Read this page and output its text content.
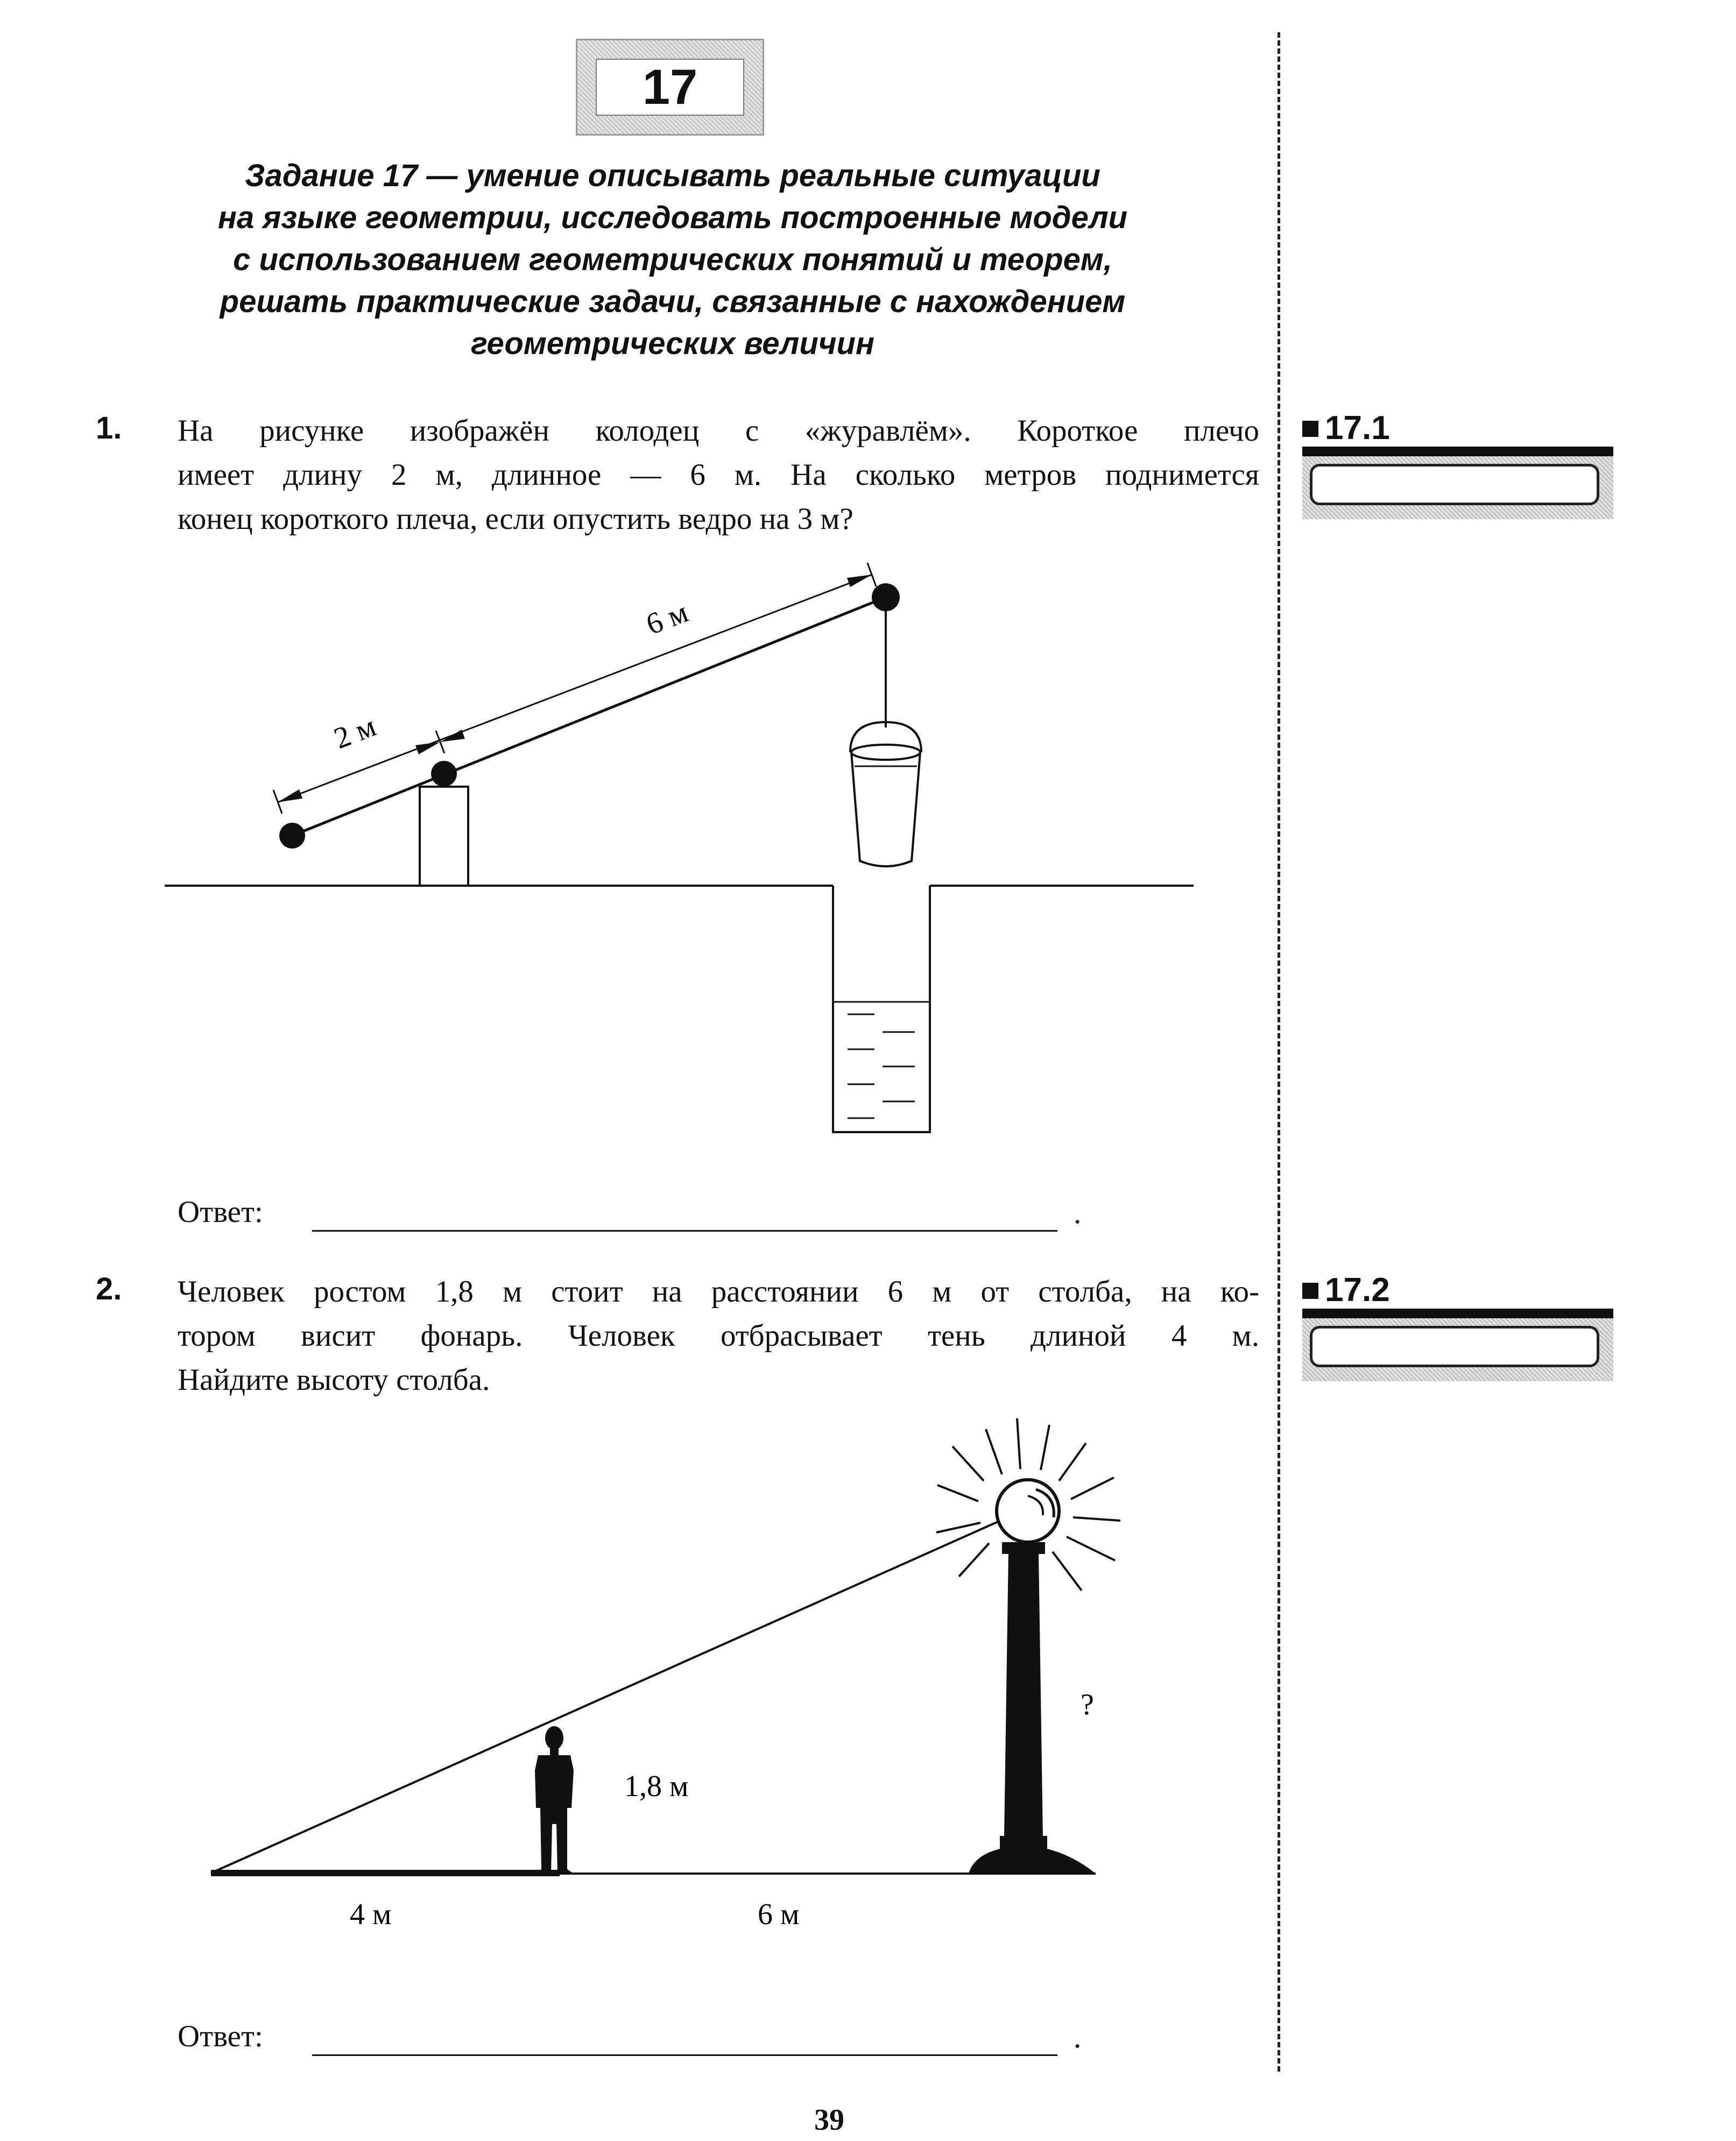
17
Задание 17 — умение описывать реальные ситуации
на языке геометрии, исследовать построенные модели
с использованием геометрических понятий и теорем,
решать практические задачи, связанные с нахождением
геометрических величин
1. На рисунке изображён колодец с «журавлём». Короткое плечо
имеет длину 2 м, длинное — 6 м. На сколько метров поднимется
конец короткого плеча, если опустить ведро на 3 м?
2 м
6 м
Ответ:	.
17.1
2. Человек ростом 1,8 м стоит на расстоянии 6 м от столба, на ко-
тором висит фонарь. Человек отбрасывает тень длиной 4 м.
Найдите высоту столба.
17.2
1,8 м
4 м	6 м
?
Ответ:	.
39
